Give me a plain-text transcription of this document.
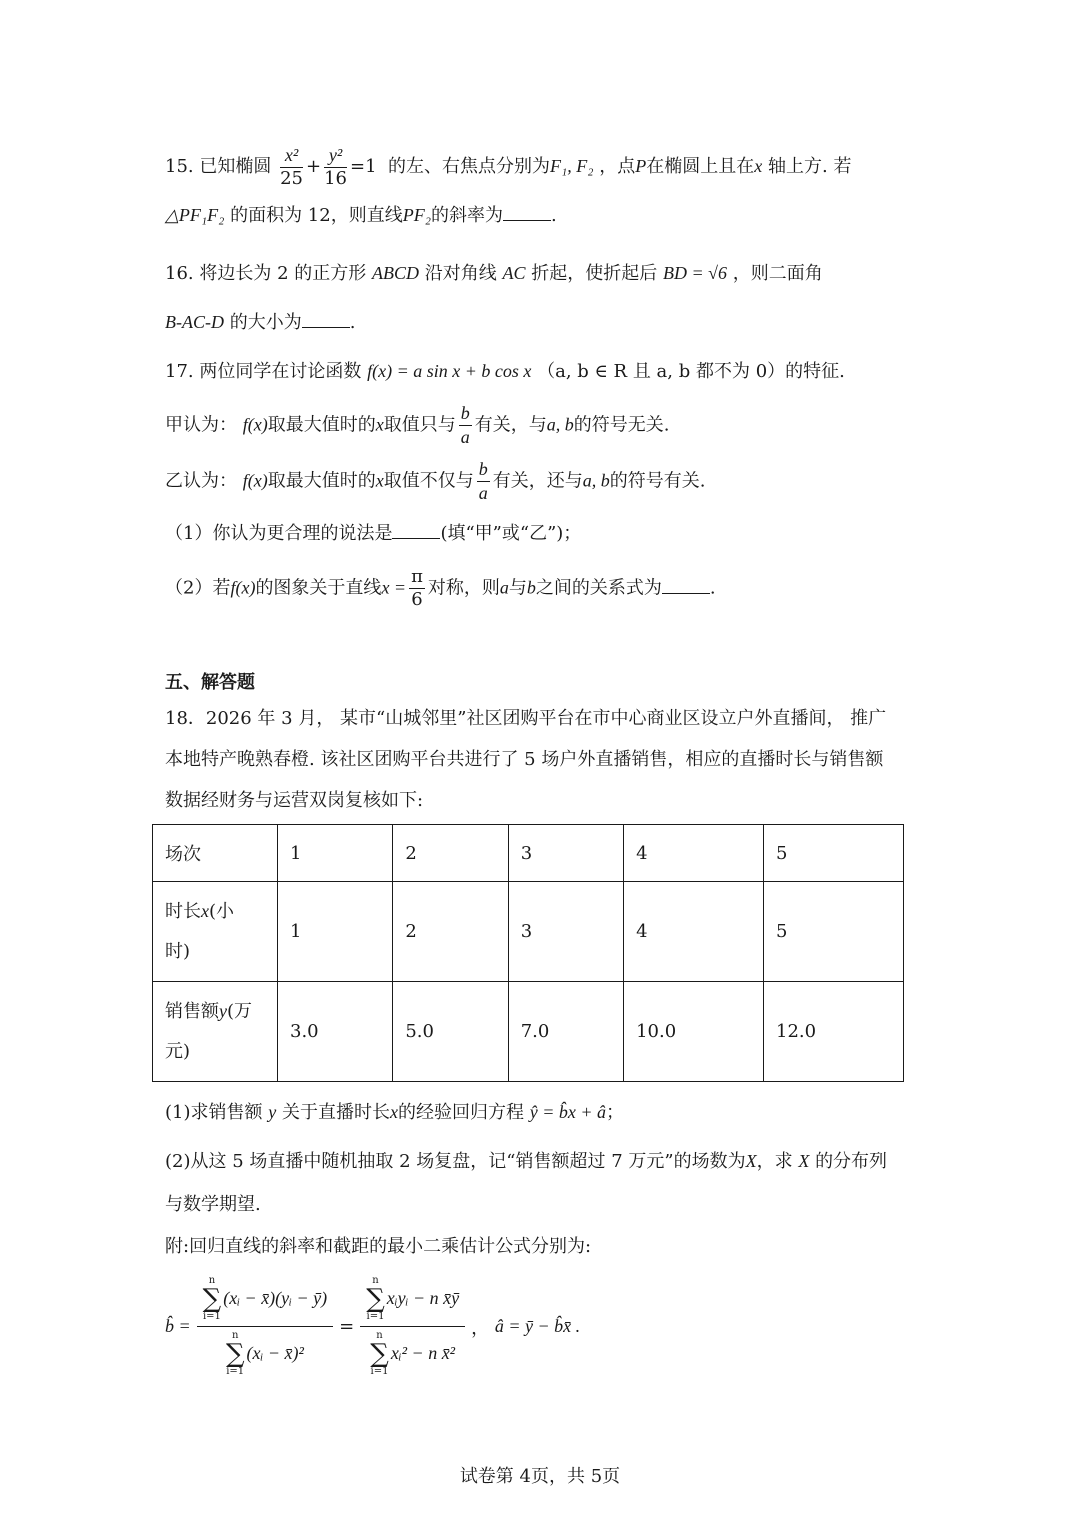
15. 已知椭圆 $\frac{\text{x²}}{25} + \frac{\text{y²}}{16} =1$ 的左、右焦点分别为F₁, F₂ ，点P在椭圆上且在x 轴上方. 若
△PF₁F₂ 的面积为 12，则直线PF₂的斜率为	.
16. 将边长为 2 的正方形 ABCD 沿对角线 AC 折起，使折起后 BD = √6 ，则二面角
B-AC-D 的大小为	.
17. 两位同学在讨论函数 f(x) = a sin x + b cos x （a, b ∈ R 且 a, b 都不为 0）的特征.
甲认为： f(x)取最大值时的x取值只与 $\frac{b}{a}$ 有关，与a, b的符号无关.
乙认为： f(x)取最大值时的x取值不仅与 $\frac{b}{a}$ 有关，还与a, b的符号有关.
（1）你认为更合理的说法是	(填“甲”或“乙”)；
（2）若f(x)的图象关于直线$x = \frac{\pi}{6}$ 对称，则a与b之间的关系式为	.
五、解答题
18．2026 年 3 月， 某市“山城邻里”社区团购平台在市中心商业区设立户外直播间， 推广
本地特产晚熟春橙. 该社区团购平台共进行了 5 场户外直播销售，相应的直播时长与销售额
数据经财务与运营双岗复核如下:
场次	1	2	3	4	5
时长x(小
时)	1	2	3	4	5
销售额y(万
元)	3.0	5.0	7.0	10.0	12.0
(1)求销售额 y 关于直播时长x的经验回归方程 ŷ = b̂x + â；
(2)从这 5 场直播中随机抽取 2 场复盘，记“销售额超过 7 万元”的场数为X，求 X 的分布列
与数学期望.
附:回归直线的斜率和截距的最小二乘估计公式分别为:
b̂ = n
∑
i=1
(xᵢ − x̄)(yᵢ − ȳ)
n
∑
i=1
(xᵢ − x̄)² =
n
∑
i=1
xᵢyᵢ − n x̄ȳ
n
∑
i=1
xᵢ² − n x̄²
，
â = ȳ − b̂x̄ .
试卷第 4页，共 5页
